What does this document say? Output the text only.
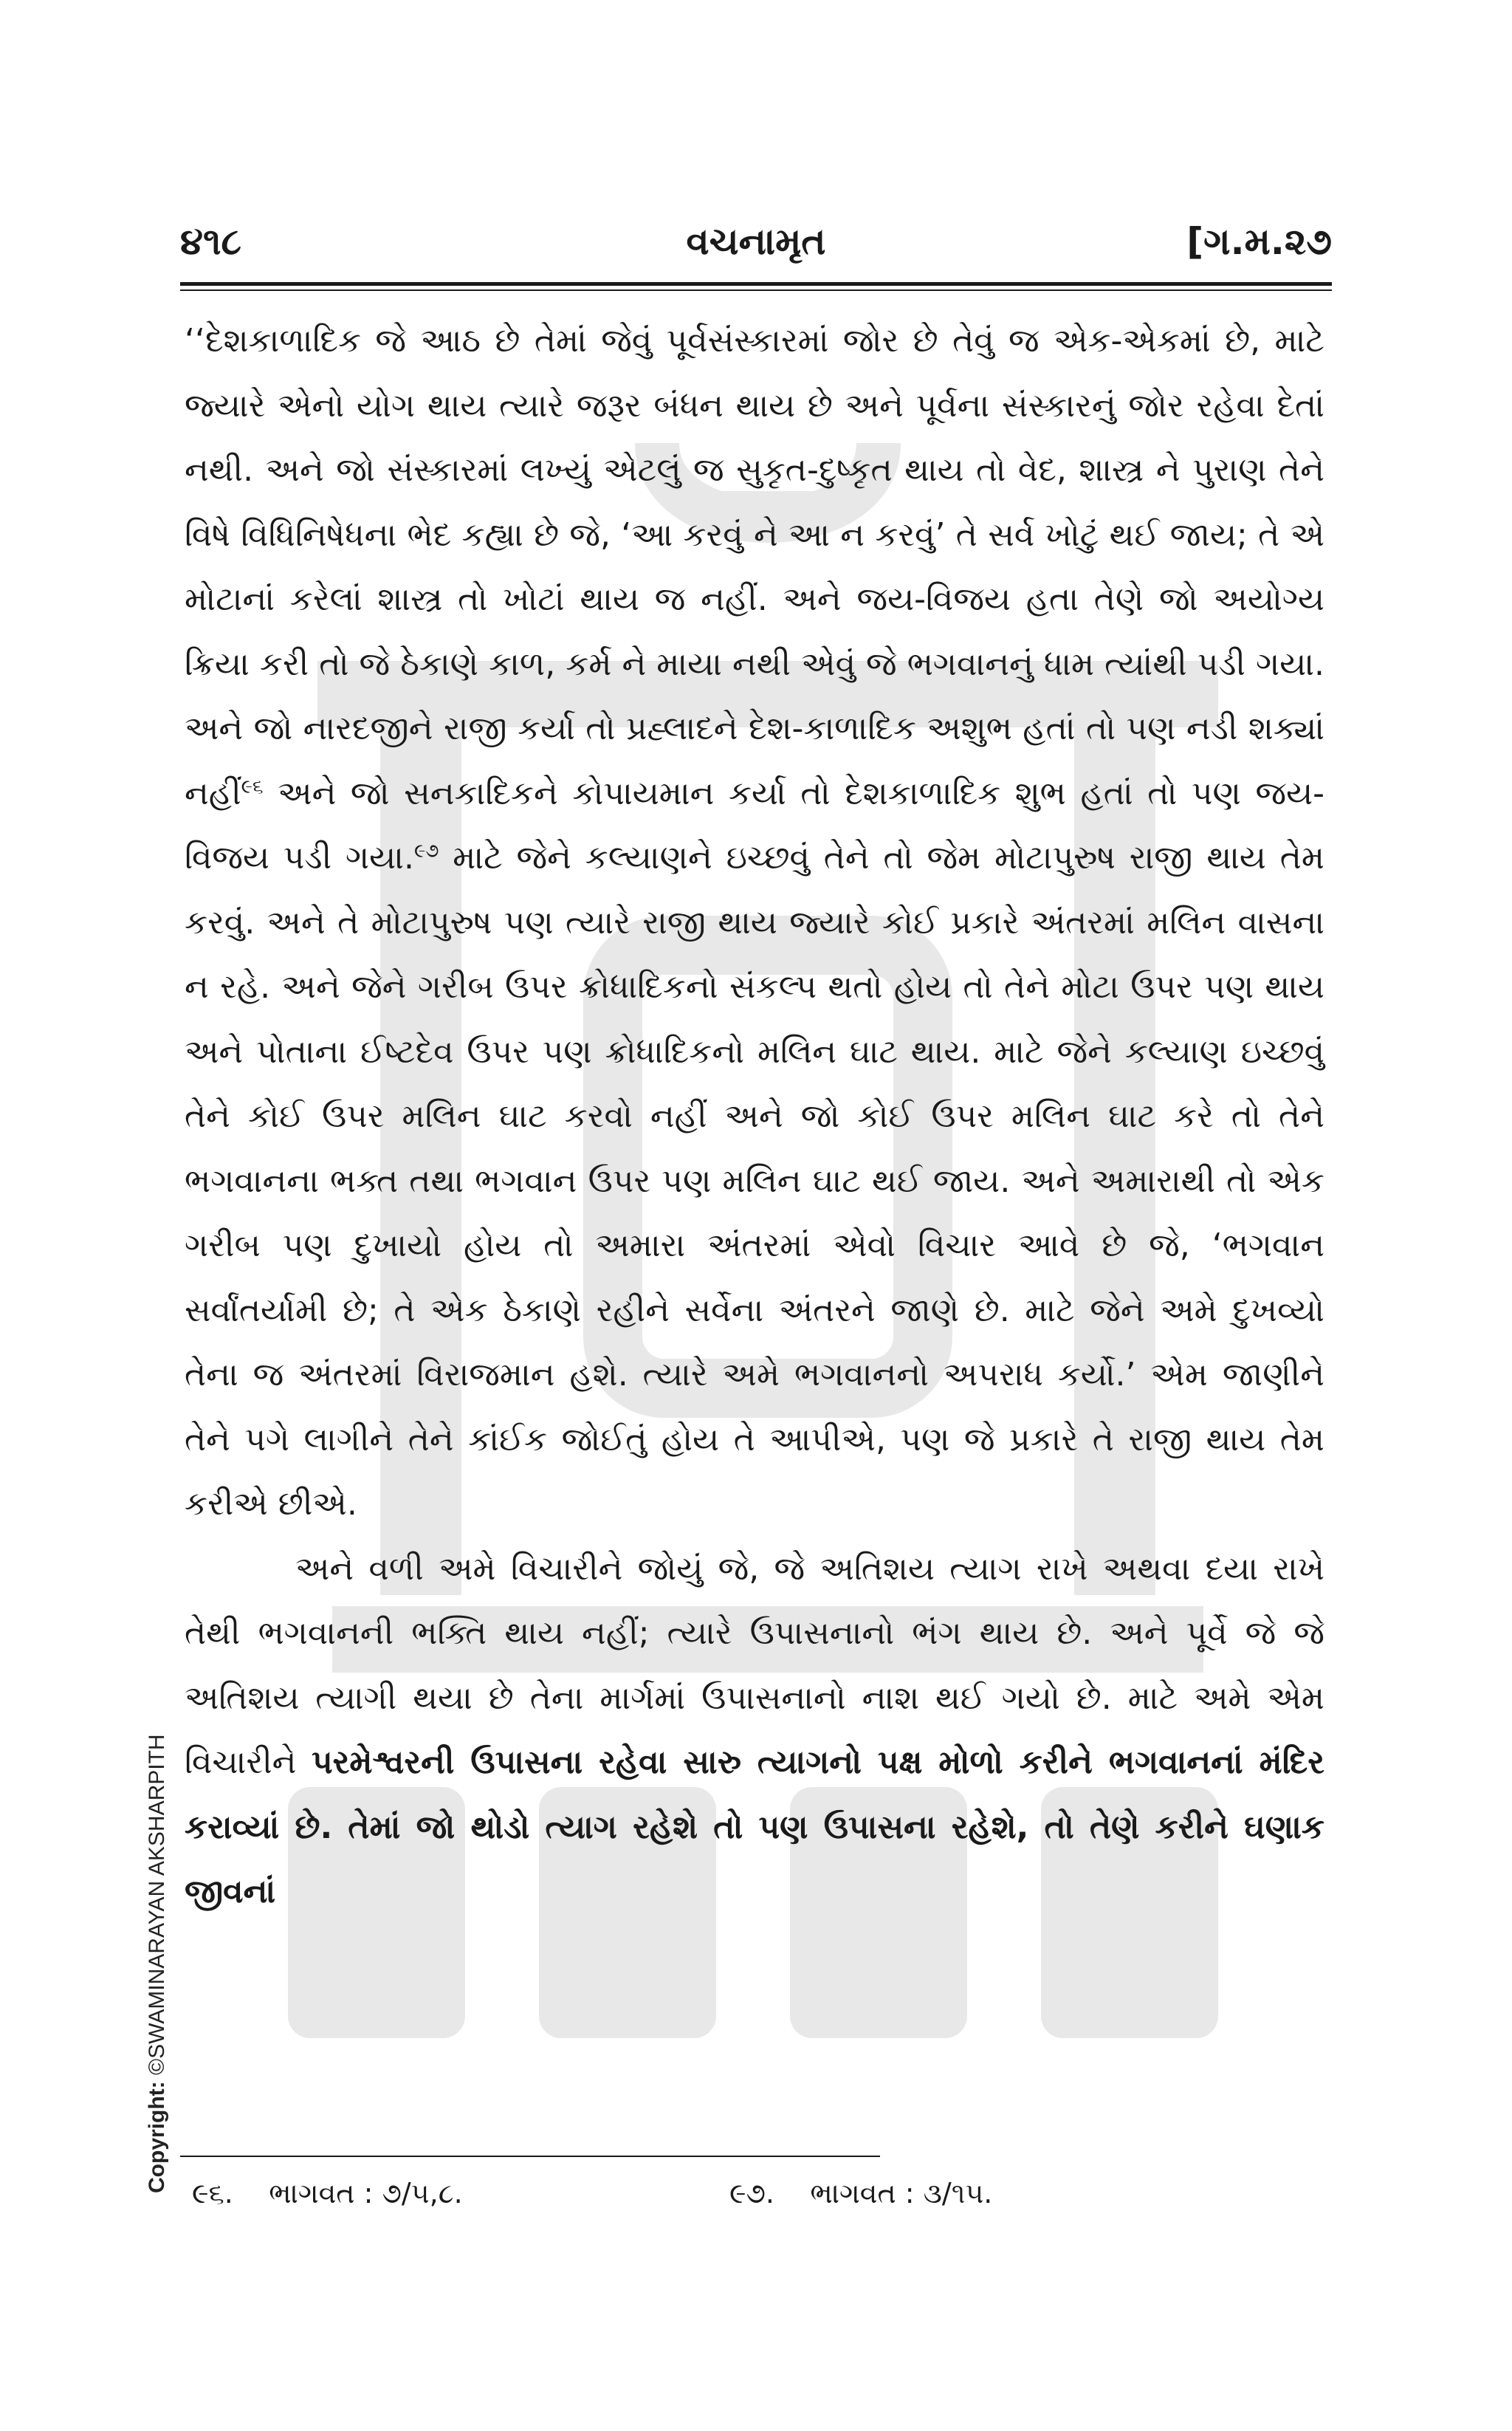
૪૧૮	વચનામૃત	[ગ.મ.૨૭

‘‘દેશકાળાદિક જે આઠ છે તેમાં જેવું પૂર્વસંસ્કારમાં જોર છે તેવું જ એક-એકમાં છે, માટે જ્યારે એનો યોગ થાય ત્યારે જરૂર બંધન થાય છે અને પૂર્વના સંસ્કારનું જોર રહેવા દેતાં નથી. અને જો સંસ્કારમાં લખ્યું એટલું જ સુકૃત-દુષ્કૃત થાય તો વેદ, શાસ્ત્ર ને પુરાણ તેને વિષે વિધિનિષેધના ભેદ કહ્યા છે જે, ‘આ કરવું ને આ ન કરવું’ તે સર્વ ખોટું થઈ જાય; તે એ મોટાનાં કરેલાં શાસ્ત્ર તો ખોટાં થાય જ નહીં. અને જય-વિજય હતા તેણે જો અયોગ્ય ક્રિયા કરી તો જે ઠેકાણે કાળ, કર્મ ને માયા નથી એવું જે ભગવાનનું ધામ ત્યાંથી પડી ગયા. અને જો નારદજીને રાજી કર્યા તો પ્રહ્લાદને દેશ-કાળાદિક અશુભ હતાં તો પણ નડી શક્યાં નહીં$^{૯૬}$ અને જો સનકાદિકને કોપાયમાન કર્યા તો દેશકાળાદિક શુભ હતાં તો પણ જય-વિજય પડી ગયા.$^{૯૭}$ માટે જેને કલ્યાણને ઇચ્છવું તેને તો જેમ મોટાપુરુષ રાજી થાય તેમ કરવું. અને તે મોટાપુરુષ પણ ત્યારે રાજી થાય જ્યારે કોઈ પ્રકારે અંતરમાં મલિન વાસના ન રહે. અને જેને ગરીબ ઉપર ક્રોધાદિકનો સંકલ્પ થતો હોય તો તેને મોટા ઉપર પણ થાય અને પોતાના ઈષ્ટદેવ ઉપર પણ ક્રોધાદિકનો મલિન ઘાટ થાય. માટે જેને કલ્યાણ ઇચ્છવું તેને કોઈ ઉપર મલિન ઘાટ કરવો નહીં અને જો કોઈ ઉપર મલિન ઘાટ કરે તો તેને ભગવાનના ભક્ત તથા ભગવાન ઉપર પણ મલિન ઘાટ થઈ જાય. અને અમારાથી તો એક ગરીબ પણ દુખાયો હોય તો અમારા અંતરમાં એવો વિચાર આવે છે જે, ‘ભગવાન સર્વાંતર્યામી છે; તે એક ઠેકાણે રહીને સર્વેના અંતરને જાણે છે. માટે જેને અમે દુખવ્યો તેના જ અંતરમાં વિરાજમાન હશે. ત્યારે અમે ભગવાનનો અપરાધ કર્યો.’ એમ જાણીને તેને પગે લાગીને તેને કાંઈક જોઈતું હોય તે આપીએ, પણ જે પ્રકારે તે રાજી થાય તેમ કરીએ છીએ.

અને વળી અમે વિચારીને જોયું જે, જે અતિશય ત્યાગ રાખે અથવા દયા રાખે તેથી ભગવાનની ભક્તિ થાય નહીં; ત્યારે ઉપાસનાનો ભંગ થાય છે. અને પૂર્વે જે જે અતિશય ત્યાગી થયા છે તેના માર્ગમાં ઉપાસનાનો નાશ થઈ ગયો છે. માટે અમે એમ વિચારીને પરમેશ્વરની ઉપાસના રહેવા સારુ ત્યાગનો પક્ષ મોળો કરીને ભગવાનનાં મંદિર કરાવ્યાં છે. તેમાં જો થોડો ત્યાગ રહેશે તો પણ ઉપાસના રહેશે, તો તેણે કરીને ઘણાક જીવનાં

૯૬. ભાગવત : ૭/૫,૮.	૯૭. ભાગવત : ૩/૧૫.
Copyright: ©SWAMINARAYAN AKSHARPITH
